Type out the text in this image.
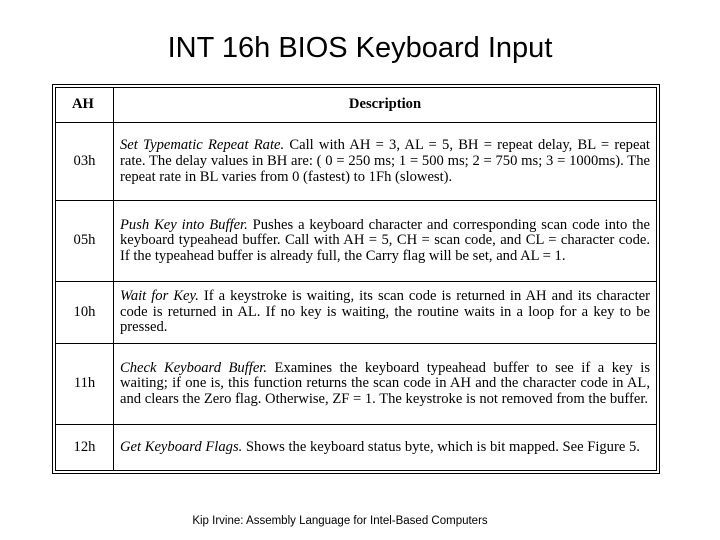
INT 16h BIOS Keyboard Input
AH	Description
03h	Set Typematic Repeat Rate. Call with AH = 3, AL = 5, BH = repeat delay, BL = repeat rate. The delay values in BH are: ( 0 = 250 ms; 1 = 500 ms; 2 = 750 ms; 3 = 1000ms). The repeat rate in BL varies from 0 (fastest) to 1Fh (slowest).
05h	Push Key into Buffer. Pushes a keyboard character and corresponding scan code into the keyboard typeahead buffer. Call with AH = 5, CH = scan code, and CL = character code. If the typeahead buffer is already full, the Carry flag will be set, and AL = 1.
10h	Wait for Key. If a keystroke is waiting, its scan code is returned in AH and its character code is returned in AL. If no key is waiting, the routine waits in a loop for a key to be pressed.
11h	Check Keyboard Buffer. Examines the keyboard typeahead buffer to see if a key is waiting; if one is, this function returns the scan code in AH and the character code in AL, and clears the Zero flag. Otherwise, ZF = 1. The keystroke is not removed from the buffer.
12h	Get Keyboard Flags. Shows the keyboard status byte, which is bit mapped. See Figure 5.
Kip Irvine: Assembly Language for Intel-Based Computers
